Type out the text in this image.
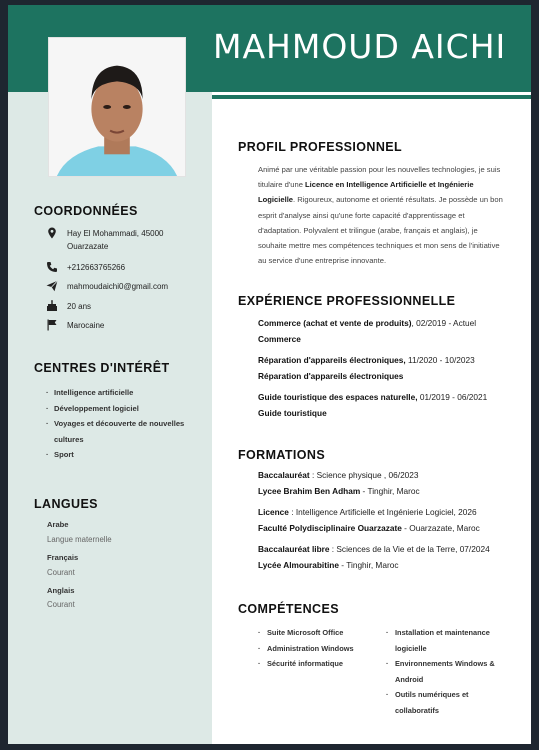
MAHMOUD AICHI
COORDONNÉES
Hay El Mohammadi, 45000
Ouarzazate
+212663765266
mahmoudaichi0@gmail.com
20 ans
Marocaine
CENTRES D'INTÉRÊT
· Intelligence artificielle
· Développement logiciel
· Voyages et découverte de nouvelles cultures
· Sport
LANGUES
Arabe
Langue maternelle
Français
Courant
Anglais
Courant
PROFIL PROFESSIONNEL
Animé par une véritable passion pour les nouvelles technologies, je suis titulaire d'une Licence en Intelligence Artificielle et Ingénierie Logicielle. Rigoureux, autonome et orienté résultats. Je possède un bon esprit d'analyse ainsi qu'une forte capacité d'apprentissage et d'adaptation. Polyvalent et trilingue (arabe, français et anglais), je souhaite mettre mes compétences techniques et mon sens de l'initiative au service d'une entreprise innovante.
EXPÉRIENCE PROFESSIONNELLE
Commerce (achat et vente de produits), 02/2019 - Actuel
Commerce
Réparation d'appareils électroniques, 11/2020 - 10/2023
Réparation d'appareils électroniques
Guide touristique des espaces naturelle, 01/2019 - 06/2021
Guide touristique
FORMATIONS
Baccalauréat : Science physique , 06/2023
Lycee Brahim Ben Adham - Tinghir, Maroc
Licence : Intelligence Artificielle et Ingénierie Logiciel, 2026
Faculté Polydisciplinaire Ouarzazate - Ouarzazate, Maroc
Baccalauréat libre : Sciences de la Vie et de la Terre, 07/2024
Lycée Almourabitine - Tinghir, Maroc
COMPÉTENCES
· Suite Microsoft Office
· Administration Windows
· Sécurité informatique
· Installation et maintenance
logicielle
· Environnements Windows &
Android
· Outils numériques et
collaboratifs
